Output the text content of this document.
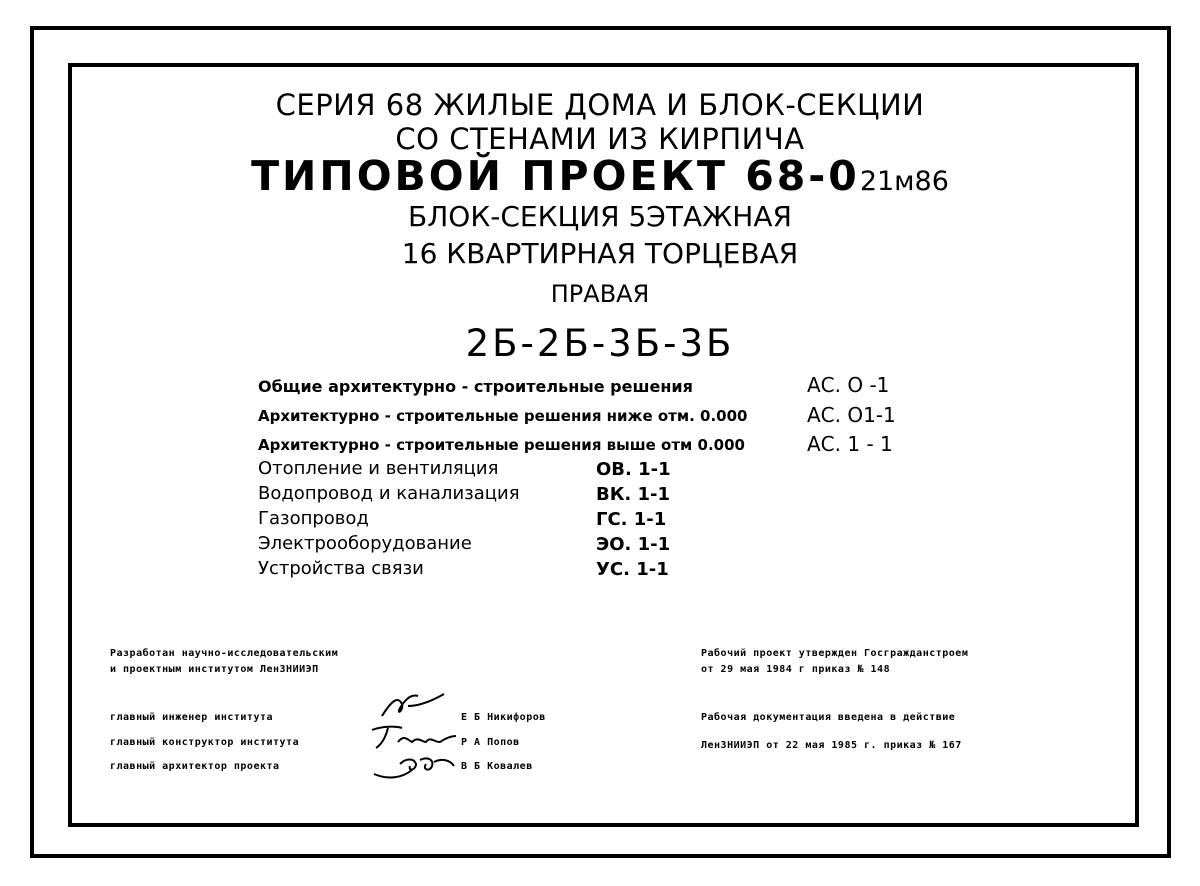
СЕРИЯ 68 ЖИЛЫЕ ДОМА И БЛОК-СЕКЦИИ
СО СТЕНАМИ ИЗ КИРПИЧА
ТИПОВОЙ ПРОЕКТ 68-021м86
БЛОК-СЕКЦИЯ 5ЭТАЖНАЯ
16 КВАРТИРНАЯ ТОРЦЕВАЯ
ПРАВАЯ
2Б-2Б-3Б-3Б
Общие архитектурно - строительные решения	АС. О -1
Архитектурно - строительные решения ниже отм. 0.000	АС. О1-1
Архитектурно - строительные решения выше отм 0.000	АС. 1 - 1
Отопление и вентиляция	ОВ. 1-1
Водопровод и канализация	ВК. 1-1
Газопровод	ГС. 1-1
Электрооборудование	ЭО. 1-1
Устройства связи	УС. 1-1
Разработан научно-исследовательским
и проектным институтом ЛенЗНИИЭП
Рабочий проект утвержден Госгражданстроем
от 29 мая 1984 г приказ № 148
главный инженер института	Е Б Никифоров
главный конструктор института	Р А Попов
главный архитектор проекта	В Б Ковалев
Рабочая документация введена в действие
ЛенЗНИИЭП от 22 мая 1985 г. приказ № 167
